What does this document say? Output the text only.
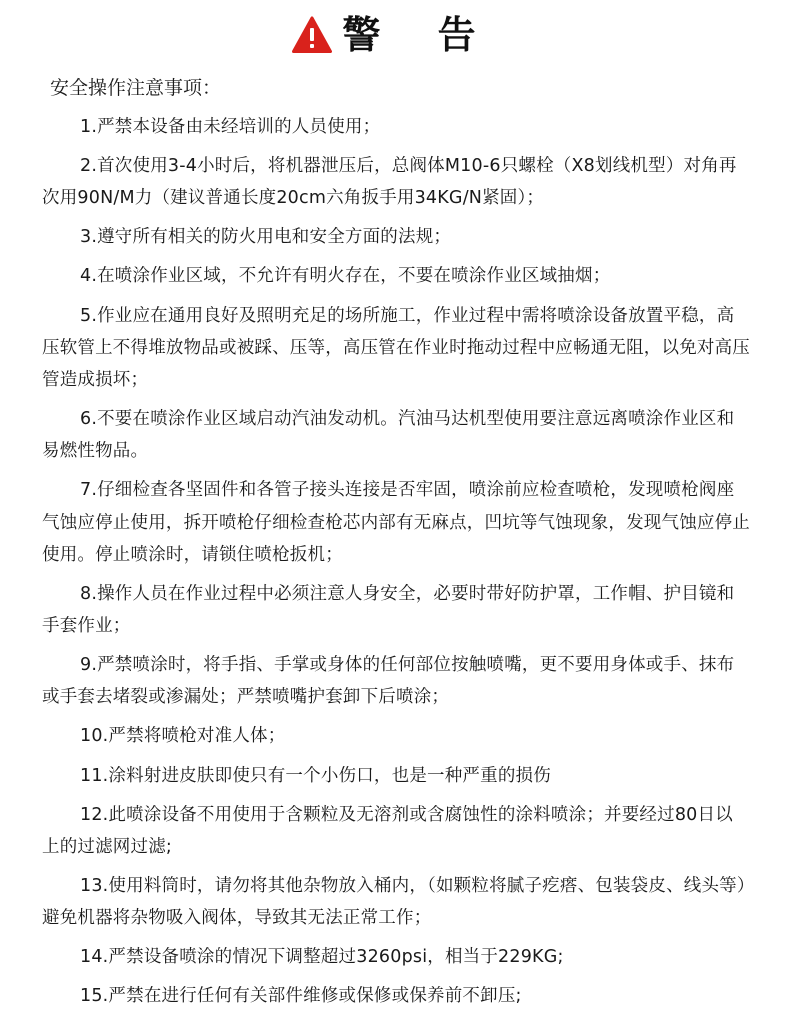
警 告
安全操作注意事项：
1.严禁本设备由未经培训的人员使用；
2.首次使用3-4小时后，将机器泄压后，总阀体M10-6只螺栓（X8划线机型）对角再次用90N/M力（建议普通长度20cm六角扳手用34KG/N紧固）；
3.遵守所有相关的防火用电和安全方面的法规；
4.在喷涂作业区域，不允许有明火存在，不要在喷涂作业区域抽烟；
5.作业应在通用良好及照明充足的场所施工，作业过程中需将喷涂设备放置平稳，高压软管上不得堆放物品或被踩、压等，高压管在作业时拖动过程中应畅通无阻，以免对高压管造成损坏；
6.不要在喷涂作业区域启动汽油发动机。汽油马达机型使用要注意远离喷涂作业区和易燃性物品。
7.仔细检查各坚固件和各管子接头连接是否牢固，喷涂前应检查喷枪，发现喷枪阀座气蚀应停止使用，拆开喷枪仔细检查枪芯内部有无麻点，凹坑等气蚀现象，发现气蚀应停止使用。停止喷涂时，请锁住喷枪扳机；
8.操作人员在作业过程中必须注意人身安全，必要时带好防护罩，工作帽、护目镜和手套作业；
9.严禁喷涂时，将手指、手掌或身体的任何部位按触喷嘴，更不要用身体或手、抹布或手套去堵裂或渗漏处；严禁喷嘴护套卸下后喷涂；
10.严禁将喷枪对准人体；
11.涂料射进皮肤即使只有一个小伤口，也是一种严重的损伤
12.此喷涂设备不用使用于含颗粒及无溶剂或含腐蚀性的涂料喷涂；并要经过80日以上的过滤网过滤;
13.使用料筒时，请勿将其他杂物放入桶内，（如颗粒将腻子疙瘩、包装袋皮、线头等）避免机器将杂物吸入阀体，导致其无法正常工作；
14.严禁设备喷涂的情况下调整超过3260psi，相当于229KG;
15.严禁在进行任何有关部件维修或保修或保养前不卸压;
